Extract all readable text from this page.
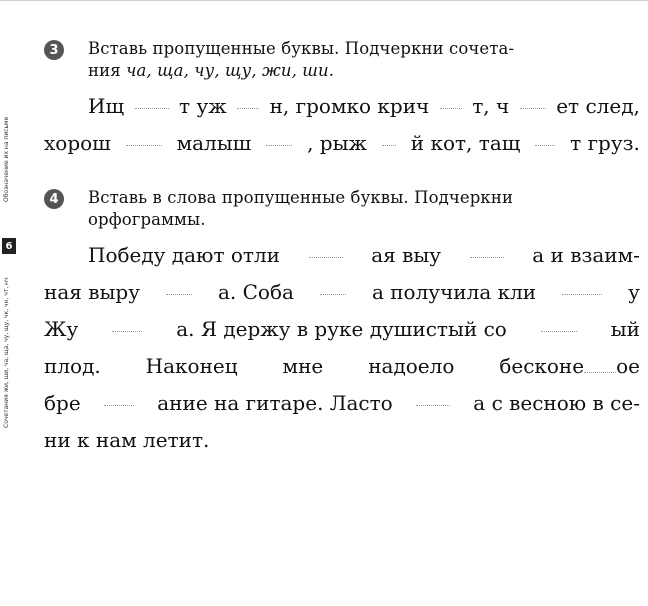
Обозначение их на письме
6
Сочетания жи, ши, ча, ща, чу, щу, чк, чн, чт, нч
3	Вставь пропущенные буквы. Подчеркни сочета-
ния ча, ща, чу, щу, жи, ши.
Ищ	т уж н, громко крич т, ч ет след,
хорош	малыш	, рыж й кот, тащ т груз.
4	Вставь в слова пропущенные буквы. Подчеркни
орфограммы.
Победу дают отли	ая выу	а и взаим-
ная выру	а. Соба	а получила кли	у
Жу	а. Я держу в руке душистый со	ый
плод. Наконец мне надоело бесконе ое
бре	ание на гитаре. Ласто	а с весною в се-
ни к нам летит.
